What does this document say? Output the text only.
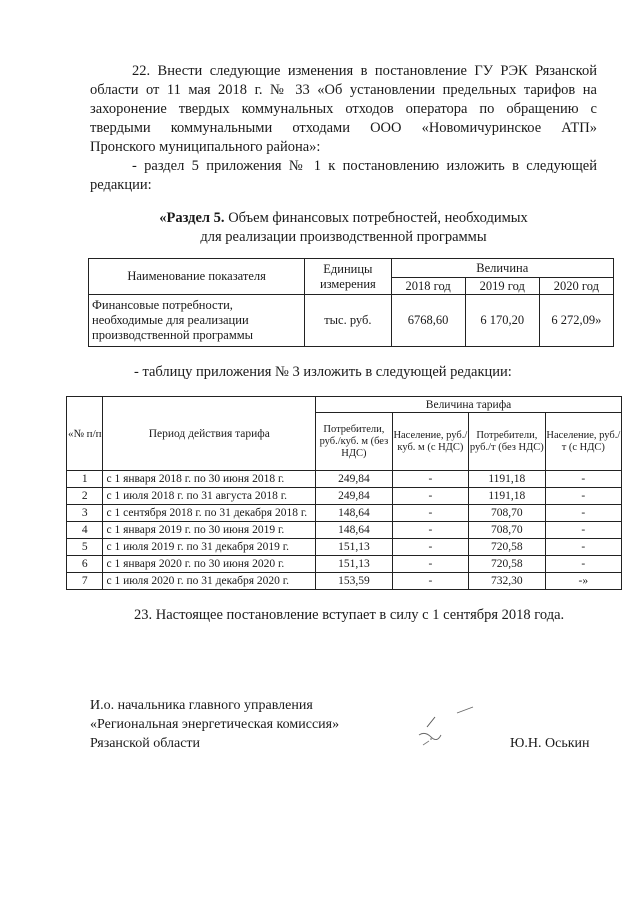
22. Внести следующие изменения в постановление ГУ РЭК Рязанской
области от 11 мая 2018 г. № 33 «Об установлении предельных тарифов на
захоронение твердых коммунальных отходов оператора по обращению с
твердыми коммунальными отходами ООО «Новомичуринское АТП»
Пронского муниципального района»:
- раздел 5 приложения № 1 к постановлению изложить в следующей
редакции:
«Раздел 5. Объем финансовых потребностей, необходимых
для реализации производственной программы
Наименование показателя	Единицы измерения	Величина		
		2018 год	2019 год	2020 год
Финансовые потребности, необходимые для реализации производственной программы	тыс. руб.	6768,60	6 170,20	6 272,09»
- таблицу приложения № 3 изложить в следующей редакции:
«№ п/п	Период действия тарифа	Величина тарифа			
		Потребители, руб./куб. м (без НДС)	Население, руб./куб. м (с НДС)	Потребители, руб./т (без НДС)	Население, руб./т (с НДС)
1	с 1 января 2018 г. по 30 июня 2018 г.	249,84	-	1191,18	-
2	с 1 июля 2018 г. по 31 августа 2018 г.	249,84	-	1191,18	-
3	с 1 сентября 2018 г. по 31 декабря 2018 г.	148,64	-	708,70	-
4	с 1 января 2019 г. по 30 июня 2019 г.	148,64	-	708,70	-
5	с 1 июля 2019 г. по 31 декабря 2019 г.	151,13	-	720,58	-
6	с 1 января 2020 г. по 30 июня 2020 г.	151,13	-	720,58	-
7	с 1 июля 2020 г. по 31 декабря 2020 г.	153,59	-	732,30	-»
23. Настоящее постановление вступает в силу с 1 сентября 2018 года.
И.о. начальника главного управления
«Региональная энергетическая комиссия»
Рязанской области	Ю.Н. Оськин
